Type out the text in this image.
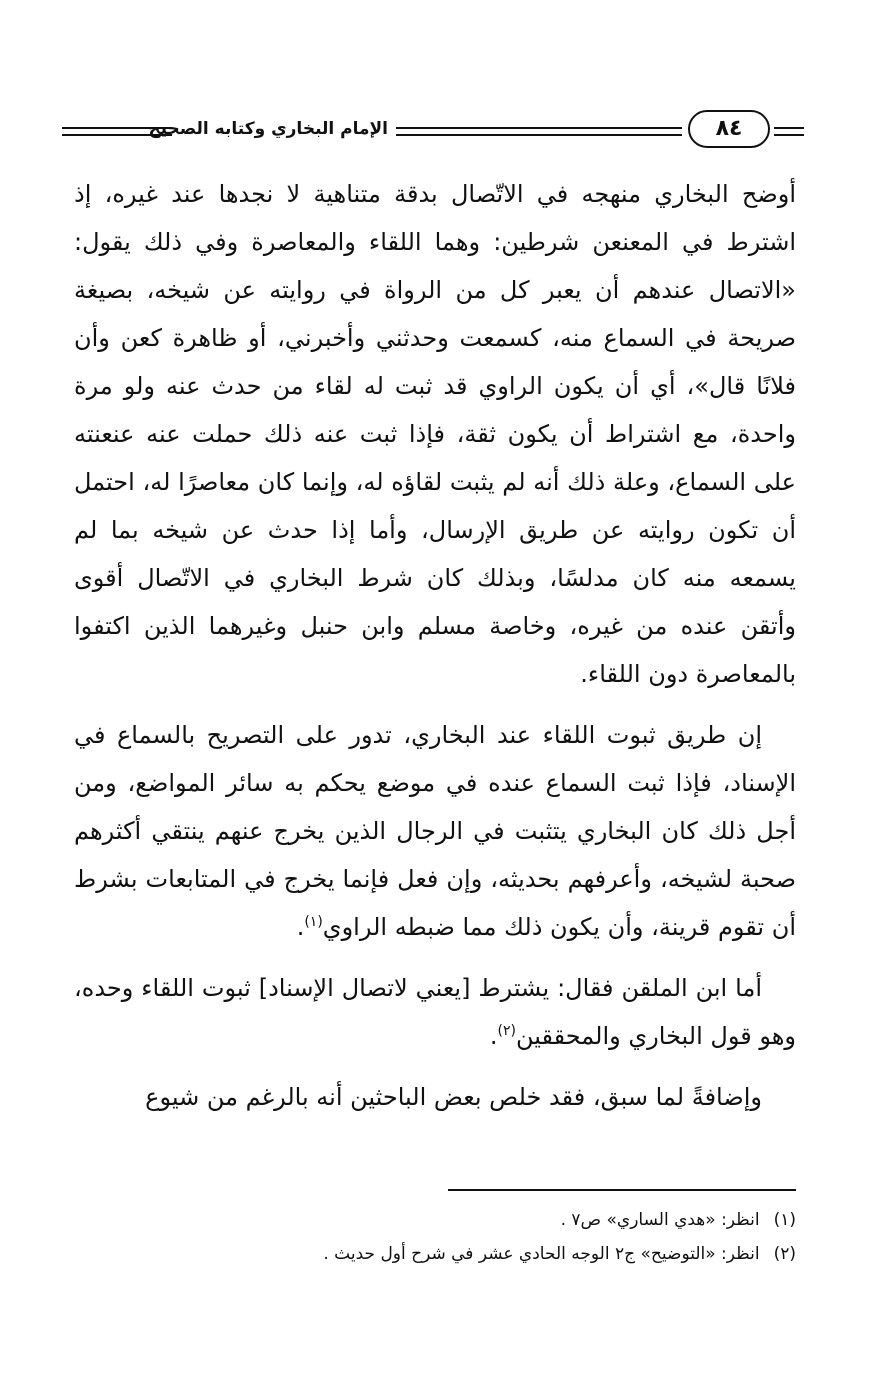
الإمام البخاري وكتابه الصحيح	٨٤

أوضح البخاري منهجه في الاتّصال بدقة متناهية لا نجدها عند غيره، إذ اشترط في المعنعن شرطين: وهما اللقاء والمعاصرة وفي ذلك يقول: «الاتصال عندهم أن يعبر كل من الرواة في روايته عن شيخه، بصيغة صريحة في السماع منه، كسمعت وحدثني وأخبرني، أو ظاهرة كعن وأن فلانًا قال»، أي أن يكون الراوي قد ثبت له لقاء من حدث عنه ولو مرة واحدة، مع اشتراط أن يكون ثقة، فإذا ثبت عنه ذلك حملت عنه عنعنته على السماع، وعلة ذلك أنه لم يثبت لقاؤه له، وإنما كان معاصرًا له، احتمل أن تكون روايته عن طريق الإرسال، وأما إذا حدث عن شيخه بما لم يسمعه منه كان مدلسًا، وبذلك كان شرط البخاري في الاتّصال أقوى وأتقن عنده من غيره، وخاصة مسلم وابن حنبل وغيرهما الذين اكتفوا بالمعاصرة دون اللقاء.

إن طريق ثبوت اللقاء عند البخاري، تدور على التصريح بالسماع في الإسناد، فإذا ثبت السماع عنده في موضع يحكم به سائر المواضع، ومن أجل ذلك كان البخاري يتثبت في الرجال الذين يخرج عنهم ينتقي أكثرهم صحبة لشيخه، وأعرفهم بحديثه، وإن فعل فإنما يخرج في المتابعات بشرط أن تقوم قرينة، وأن يكون ذلك مما ضبطه الراوي$^{(١)}$.

أما ابن الملقن فقال: يشترط [يعني لاتصال الإسناد] ثبوت اللقاء وحده، وهو قول البخاري والمحققين$^{(٢)}$.

وإضافةً لما سبق، فقد خلص بعض الباحثين أنه بالرغم من شيوع

(١)انظر: «هدي الساري» ص٧ .
(٢)انظر: «التوضيح» ج٢ الوجه الحادي عشر في شرح أول حديث .
